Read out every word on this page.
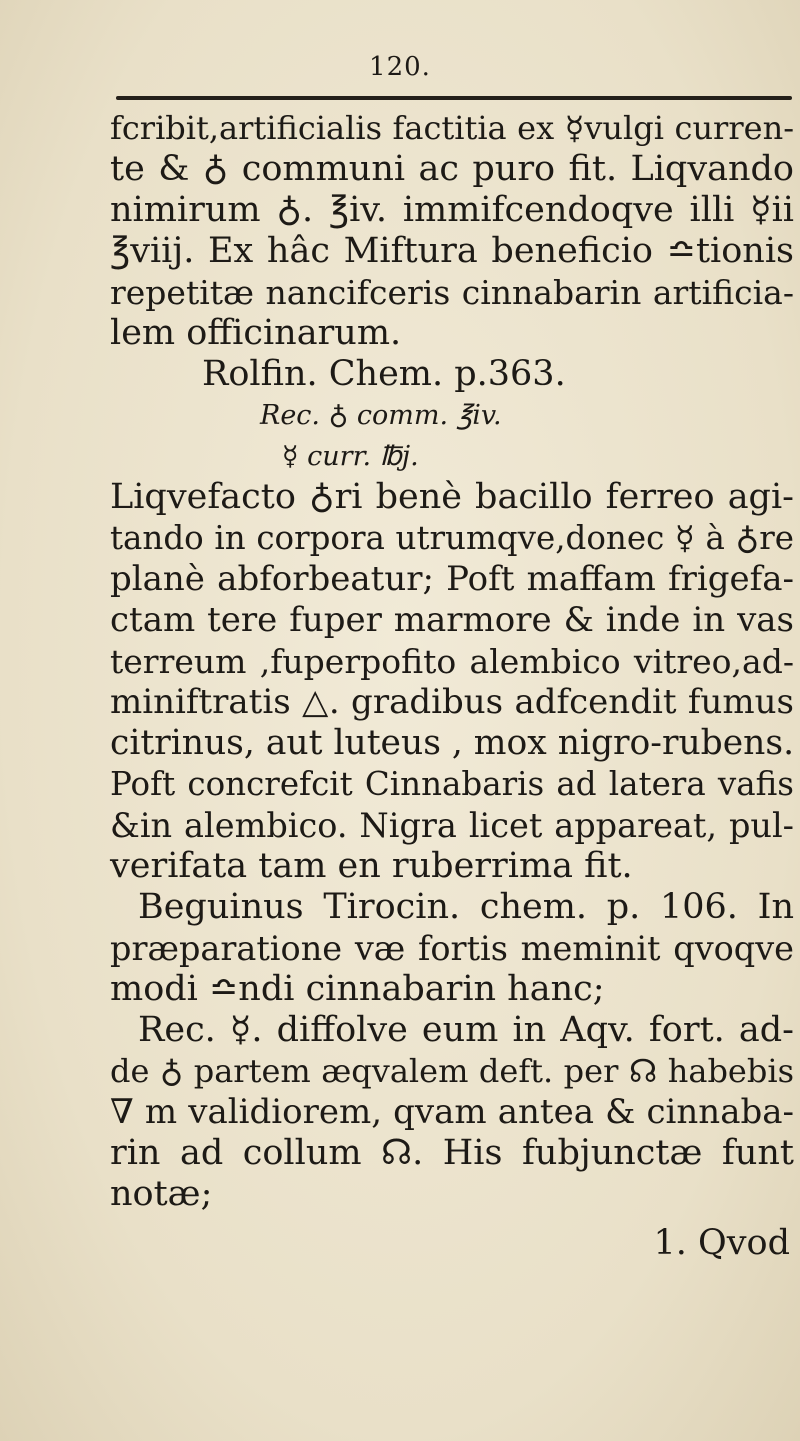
120.
fcribit,artificialis factitia ex ☿vulgi curren-
te & ♁ communi ac puro fit. Liqvando
nimirum ♁. ℥iv. immifcendoqve illi ☿ii
℥viij. Ex hâc Miftura beneficio ≏tionis
repetitæ nancifceris cinnabarin artificia-
lem officinarum.
Rolfin. Chem. p.363.
Rec. ♁ comm. ℥iv.
☿ curr. ℔j.
Liqvefacto ♁ri benè bacillo ferreo agi-
tando in corpora utrumqve,donec ☿ à ♁re
planè abforbeatur; Poft maffam frigefa-
ctam tere fuper marmore & inde in vas
terreum ,fuperpofito alembico vitreo,ad-
miniftratis △. gradibus adfcendit fumus
citrinus, aut luteus , mox nigro-rubens.
Poft concrefcit Cinnabaris ad latera vafis
&in alembico. Nigra licet appareat, pul-
verifata tam en ruberrima fit.
Beguinus Tirocin. chem. p. 106. In
præparatione væ fortis meminit qvoqve
modi ≏ndi cinnabarin hanc;
Rec. ☿. diffolve eum in Aqv. fort. ad-
de ♁ partem æqvalem deft. per ☊ habebis
∇ m validiorem, qvam antea & cinnaba-
rin ad collum ☊. His fubjunctæ funt
notæ;
1. Qvod
